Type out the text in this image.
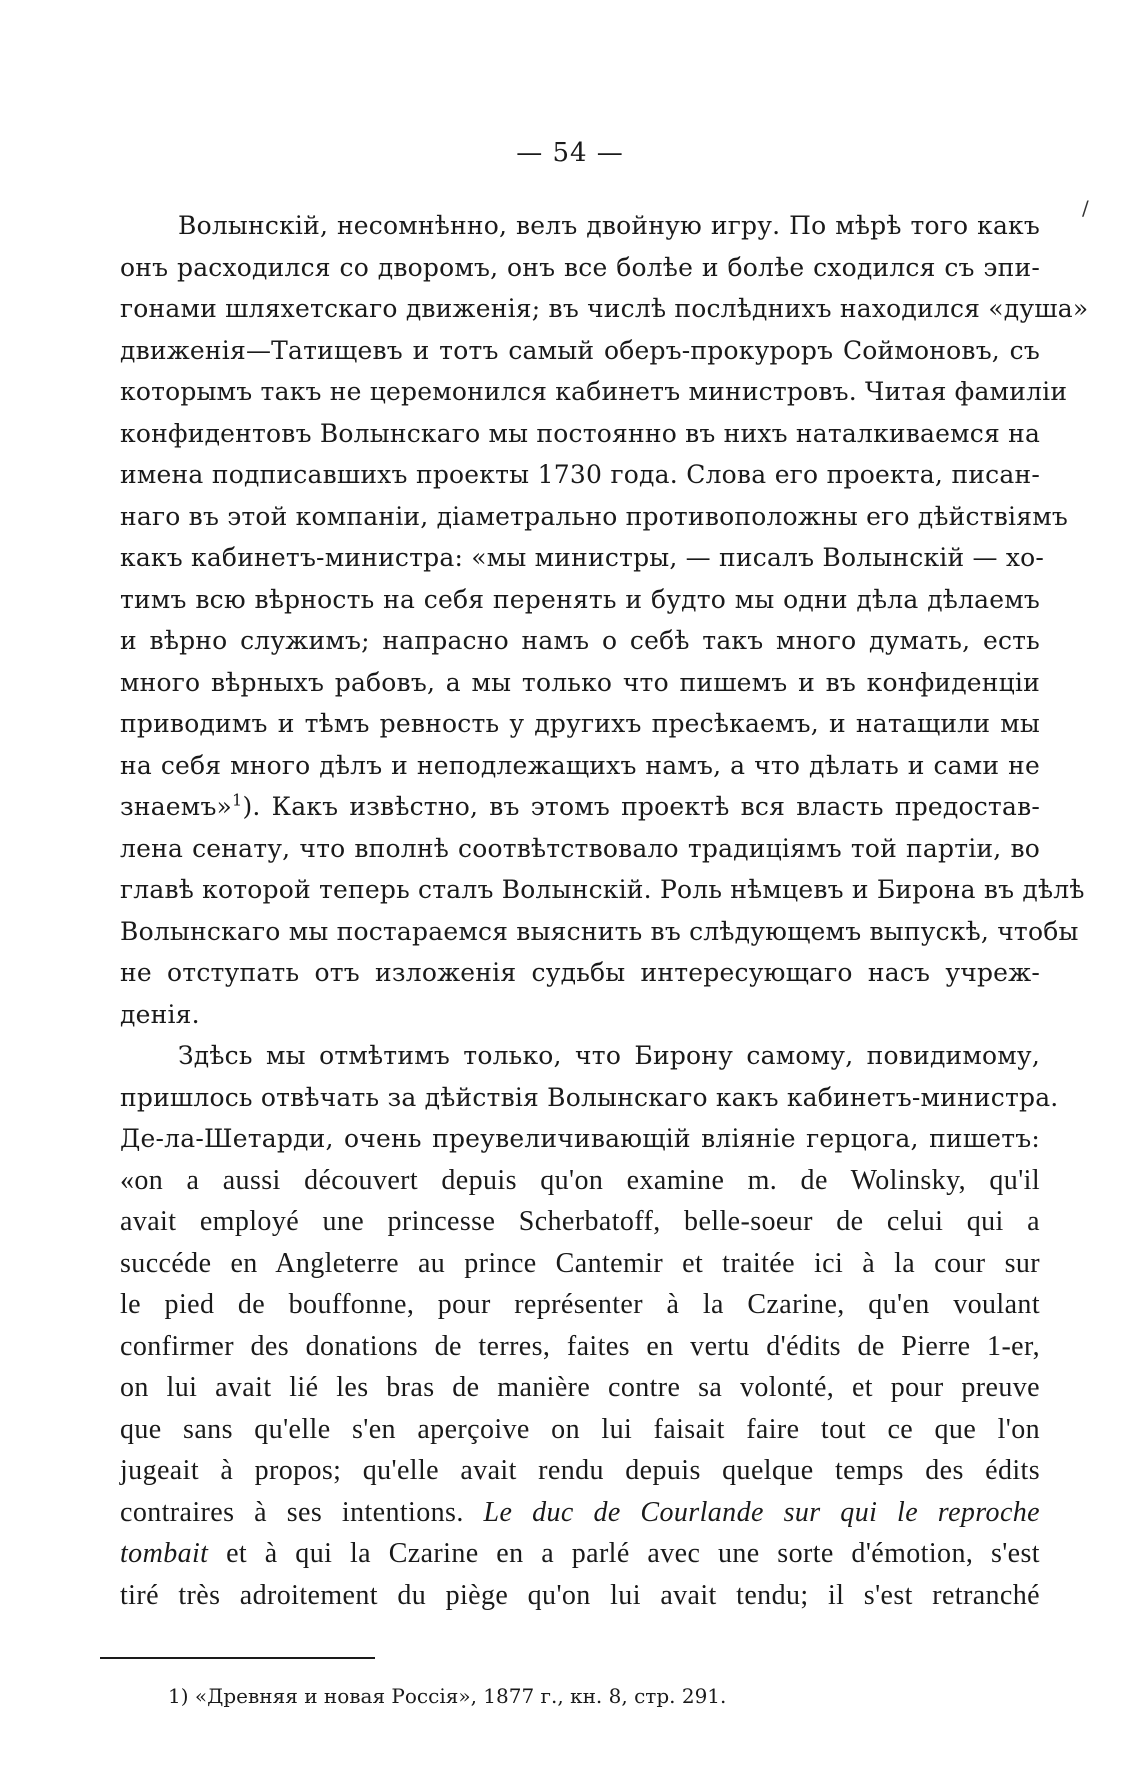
— 54 —
/
Волынскій, несомнѣнно, велъ двойную игру. По мѣрѣ того какъ
онъ расходился со дворомъ, онъ все болѣе и болѣе сходился съ эпи-
гонами шляхетскаго движенія; въ числѣ послѣднихъ находился «душа»
движенія—Татищевъ и тотъ самый оберъ-прокуроръ Соймоновъ, съ
которымъ такъ не церемонился кабинетъ министровъ. Читая фамиліи
конфидентовъ Волынскаго мы постоянно въ нихъ наталкиваемся на
имена подписавшихъ проекты 1730 года. Слова его проекта, писан-
наго въ этой компаніи, діаметрально противоположны его дѣйствіямъ
какъ кабинетъ-министра: «мы министры, — писалъ Волынскій — хо-
тимъ всю вѣрность на себя перенять и будто мы одни дѣла дѣлаемъ
и вѣрно служимъ; напрасно намъ о себѣ такъ много думать, есть
много вѣрныхъ рабовъ, а мы только что пишемъ и въ конфиденціи
приводимъ и тѣмъ ревность у другихъ пресѣкаемъ, и натащили мы
на себя много дѣлъ и неподлежащихъ намъ, а что дѣлать и сами не
знаемъ»$^1$). Какъ извѣстно, въ этомъ проектѣ вся власть предостав-
лена сенату, что вполнѣ соотвѣтствовало традиціямъ той партіи, во
главѣ которой теперь сталъ Волынскій. Роль нѣмцевъ и Бирона въ дѣлѣ
Волынскаго мы постараемся выяснить въ слѣдующемъ выпускѣ, чтобы
не отступать отъ изложенія судьбы интересующаго насъ учреж-
денія.
Здѣсь мы отмѣтимъ только, что Бирону самому, повидимому,
пришлось отвѣчать за дѣйствія Волынскаго какъ кабинетъ-министра.
Де-ла-Шетарди, очень преувеличивающій вліяніе герцога, пишетъ:
«on a aussi découvert depuis qu'on examine m. de Wolinsky, qu'il
avait employé une princesse Scherbatoff, belle-soeur de celui qui a
succéde en Angleterre au prince Cantemir et traitée ici à la cour sur
le pied de bouffonne, pour représenter à la Czarine, qu'en voulant
confirmer des donations de terres, faites en vertu d'édits de Pierre 1-er,
on lui avait lié les bras de manière contre sa volonté, et pour preuve
que sans qu'elle s'en aperçoive on lui faisait faire tout ce que l'on
jugeait à propos; qu'elle avait rendu depuis quelque temps des édits
contraires à ses intentions. Le duc de Courlande sur qui le reproche
tombait et à qui la Czarine en a parlé avec une sorte d'émotion, s'est
tiré très adroitement du piège qu'on lui avait tendu; il s'est retranché
1) «Древняя и новая Россія», 1877 г., кн. 8, стр. 291.
